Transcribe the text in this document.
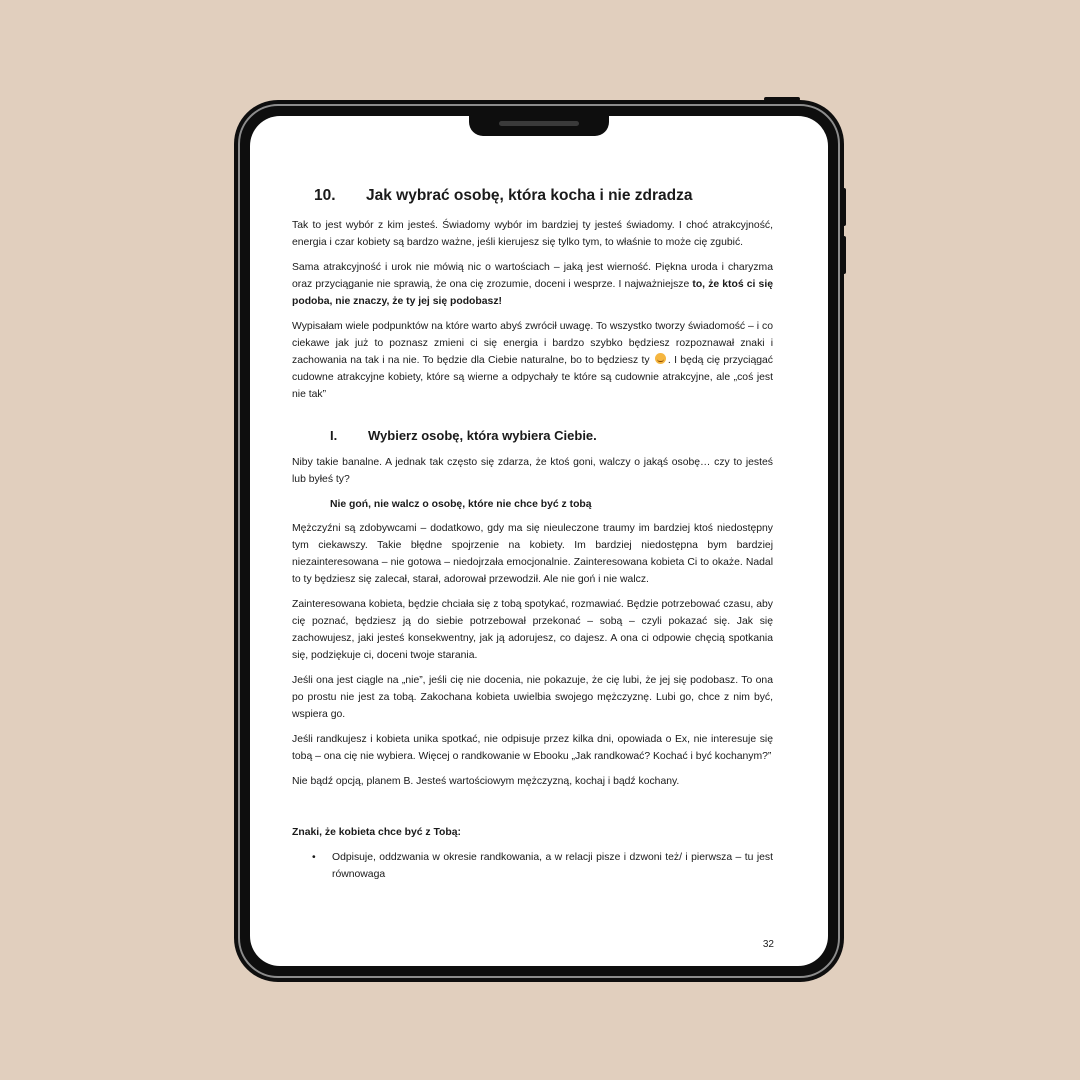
10.	Jak wybrać osobę, która kocha i nie zdradza

Tak to jest wybór z kim jesteś. Świadomy wybór im bardziej ty jesteś świadomy. I choć atrakcyjność, energia i czar kobiety są bardzo ważne, jeśli kierujesz się tylko tym, to właśnie to może cię zgubić.

Sama atrakcyjność i urok nie mówią nic o wartościach – jaką jest wierność. Piękna uroda i charyzma oraz przyciąganie nie sprawią, że ona cię zrozumie, doceni i wesprze. I najważniejsze to, że ktoś ci się podoba, nie znaczy, że ty jej się podobasz!

Wypisałam wiele podpunktów na które warto abyś zwrócił uwagę. To wszystko tworzy świadomość – i co ciekawe jak już to poznasz zmieni ci się energia i bardzo szybko będziesz rozpoznawał znaki i zachowania na tak i na nie. To będzie dla Ciebie naturalne, bo to będziesz ty . I będą cię przyciągać cudowne atrakcyjne kobiety, które są wierne a odpychały te które są cudownie atrakcyjne, ale „coś jest nie tak”

I.	Wybierz osobę, która wybiera Ciebie.

Niby takie banalne. A jednak tak często się zdarza, że ktoś goni, walczy o jakąś osobę… czy to jesteś lub byłeś ty?

Nie goń, nie walcz o osobę, które nie chce być z tobą

Mężczyźni są zdobywcami – dodatkowo, gdy ma się nieuleczone traumy im bardziej ktoś niedostępny tym ciekawszy. Takie błędne spojrzenie na kobiety. Im bardziej niedostępna bym bardziej niezainteresowana – nie gotowa – niedojrzała emocjonalnie. Zainteresowana kobieta Ci to okaże. Nadal to ty będziesz się zalecał, starał, adorował przewodził. Ale nie goń i nie walcz.

Zainteresowana kobieta, będzie chciała się z tobą spotykać, rozmawiać. Będzie potrzebować czasu, aby cię poznać, będziesz ją do siebie potrzebował przekonać – sobą – czyli pokazać się. Jak się zachowujesz, jaki jesteś konsekwentny, jak ją adorujesz, co dajesz. A ona ci odpowie chęcią spotkania się, podziękuje ci, doceni twoje starania.

Jeśli ona jest ciągle na „nie”, jeśli cię nie docenia, nie pokazuje, że cię lubi, że jej się podobasz. To ona po prostu nie jest za tobą. Zakochana kobieta uwielbia swojego mężczyznę. Lubi go, chce z nim być, wspiera go.

Jeśli randkujesz i kobieta unika spotkać, nie odpisuje przez kilka dni, opowiada o Ex, nie interesuje się tobą – ona cię nie wybiera. Więcej o randkowanie w Ebooku „Jak randkować? Kochać i być kochanym?”

Nie bądź opcją, planem B. Jesteś wartościowym mężczyzną, kochaj i bądź kochany.

Znaki, że kobieta chce być z Tobą:
•	Odpisuje, oddzwania w okresie randkowania, a w relacji pisze i dzwoni też/ i pierwsza – tu jest równowaga
32
